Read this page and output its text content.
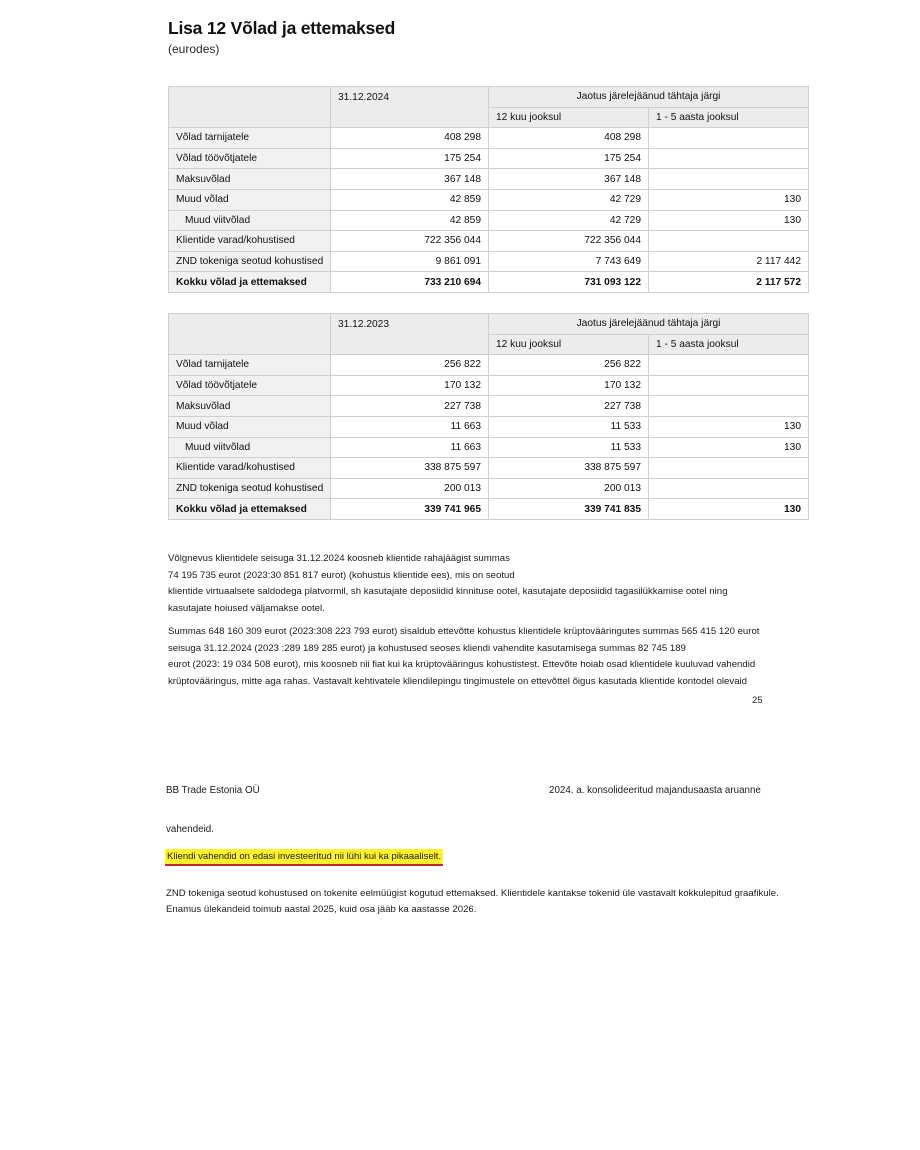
Lisa 12 Võlad ja ettemaksed
(eurodes)
	31.12.2024	Jaotus järelejäänud tähtaja järgi	
		12 kuu jooksul	1 - 5 aasta jooksul
Võlad tarnijatele	408 298	408 298	
Võlad töövõtjatele	175 254	175 254	
Maksuvõlad	367 148	367 148	
Muud võlad	42 859	42 729	130
Muud viitvõlad	42 859	42 729	130
Klientide varad/kohustised	722 356 044	722 356 044	
ZND tokeniga seotud kohustised	9 861 091	7 743 649	2 117 442
Kokku võlad ja ettemaksed	733 210 694	731 093 122	2 117 572
	31.12.2023	Jaotus järelejäänud tähtaja järgi	
		12 kuu jooksul	1 - 5 aasta jooksul
Võlad tarnijatele	256 822	256 822	
Võlad töövõtjatele	170 132	170 132	
Maksuvõlad	227 738	227 738	
Muud võlad	11 663	11 533	130
Muud viitvõlad	11 663	11 533	130
Klientide varad/kohustised	338 875 597	338 875 597	
ZND tokeniga seotud kohustised	200 013	200 013	
Kokku võlad ja ettemaksed	339 741 965	339 741 835	130
Võlgnevus klientidele seisuga 31.12.2024 koosneb klientide rahajäägist summas
74 195 735 eurot (2023:30 851 817 eurot) (kohustus klientide ees), mis on seotud
klientide virtuaalsete saldodega platvormil, sh kasutajate deposiidid kinnituse ootel, kasutajate deposiidid tagasilükkamise ootel ning
kasutajate hoiused väljamakse ootel.
Summas 648 160 309 eurot (2023:308 223 793 eurot) sisaldub ettevõtte kohustus klientidele krüptovääringutes summas 565 415 120 eurot
seisuga 31.12.2024 (2023 :289 189 285 eurot) ja kohustused seoses kliendi vahendite kasutamisega summas 82 745 189
eurot (2023: 19 034 508 eurot), mis koosneb nii fiat kui ka krüptovääringus kohustistest. Ettevõte hoiab osad klientidele kuuluvad vahendid
krüptovääringus, mitte aga rahas. Vastavalt kehtivatele kliendilepingu tingimustele on ettevõttel õigus kasutada klientide kontodel olevaid
25
BB Trade Estonia OÜ	2024. a. konsolideeritud majandusaasta aruanne
vahendeid.
Kliendi vahendid on edasi investeeritud nii lühi kui ka pikaaaliselt.
ZND tokeniga seotud kohustused on tokenite eelmüügist kogutud ettemaksed. Klientidele kantakse tokenid üle vastavalt kokkulepitud graafikule.
Enamus ülekandeid toimub aastal 2025, kuid osa jääb ka aastasse 2026.
